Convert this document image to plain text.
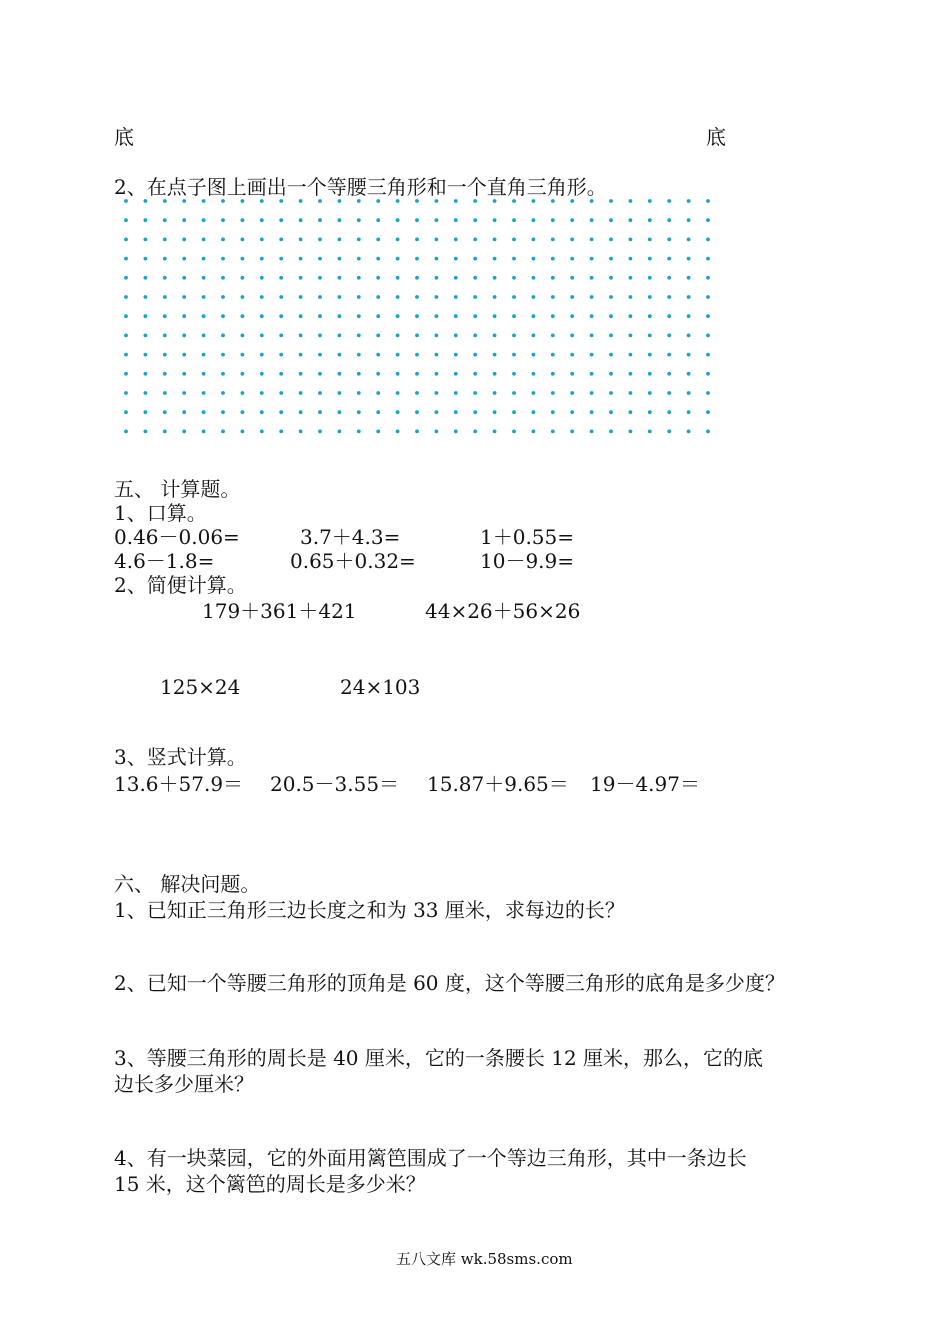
底	底
2、在点子图上画出一个等腰三角形和一个直角三角形。
五、 计算题。
1、口算。
0.46－0.06=	3.7＋4.3=	1＋0.55=
4.6－1.8=	0.65＋0.32=	10－9.9=
2、简便计算。
179＋361＋421	44×26＋56×26
125×24	24×103
3、竖式计算。
13.6＋57.9＝ 20.5－3.55＝ 15.87＋9.65＝ 19－4.97＝
六、 解决问题。
1、已知正三角形三边长度之和为 33 厘米，求每边的长？
2、已知一个等腰三角形的顶角是 60 度，这个等腰三角形的底角是多少度？
3、等腰三角形的周长是 40 厘米，它的一条腰长 12 厘米，那么，它的底
边长多少厘米？
4、有一块菜园，它的外面用篱笆围成了一个等边三角形，其中一条边长
15 米，这个篱笆的周长是多少米？
五八文库 wk.58sms.com
